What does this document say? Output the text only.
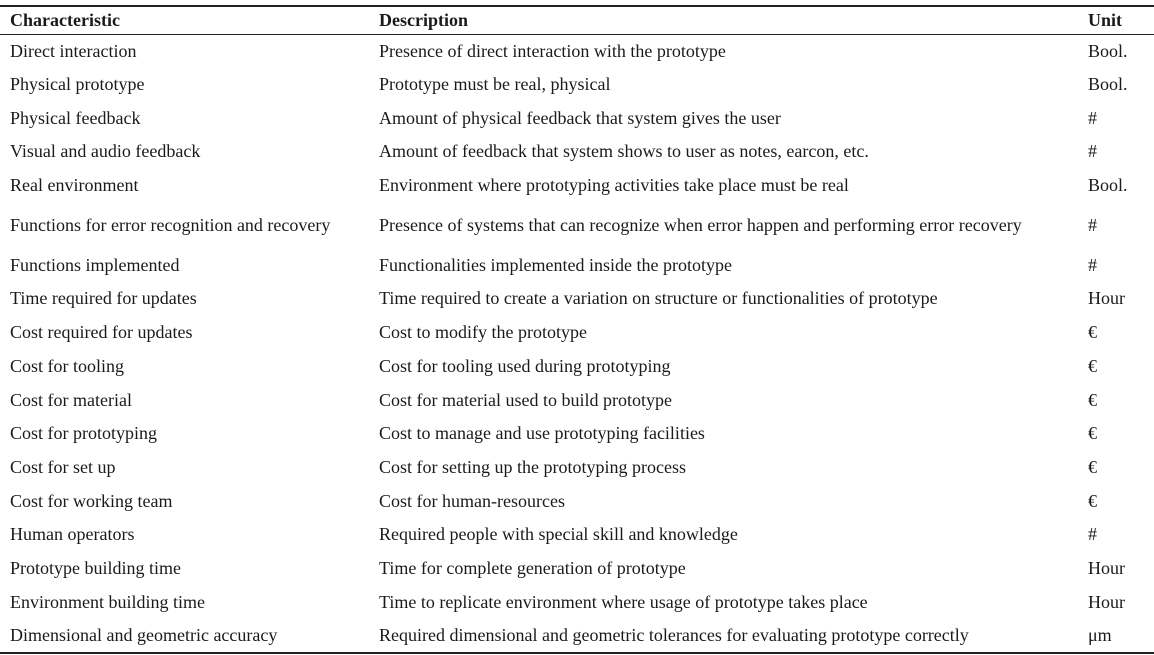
Characteristic	Description	Unit
Direct interaction	Presence of direct interaction with the prototype	Bool.
Physical prototype	Prototype must be real, physical	Bool.
Physical feedback	Amount of physical feedback that system gives the user	#
Visual and audio feedback	Amount of feedback that system shows to user as notes, earcon, etc.	#
Real environment	Environment where prototyping activities take place must be real	Bool.
Functions for error recognition and recovery	Presence of systems that can recognize when error happen and performing error recovery	#
Functions implemented	Functionalities implemented inside the prototype	#
Time required for updates	Time required to create a variation on structure or functionalities of prototype	Hour
Cost required for updates	Cost to modify the prototype	€
Cost for tooling	Cost for tooling used during prototyping	€
Cost for material	Cost for material used to build prototype	€
Cost for prototyping	Cost to manage and use prototyping facilities	€
Cost for set up	Cost for setting up the prototyping process	€
Cost for working team	Cost for human-resources	€
Human operators	Required people with special skill and knowledge	#
Prototype building time	Time for complete generation of prototype	Hour
Environment building time	Time to replicate environment where usage of prototype takes place	Hour
Dimensional and geometric accuracy	Required dimensional and geometric tolerances for evaluating prototype correctly	μm
